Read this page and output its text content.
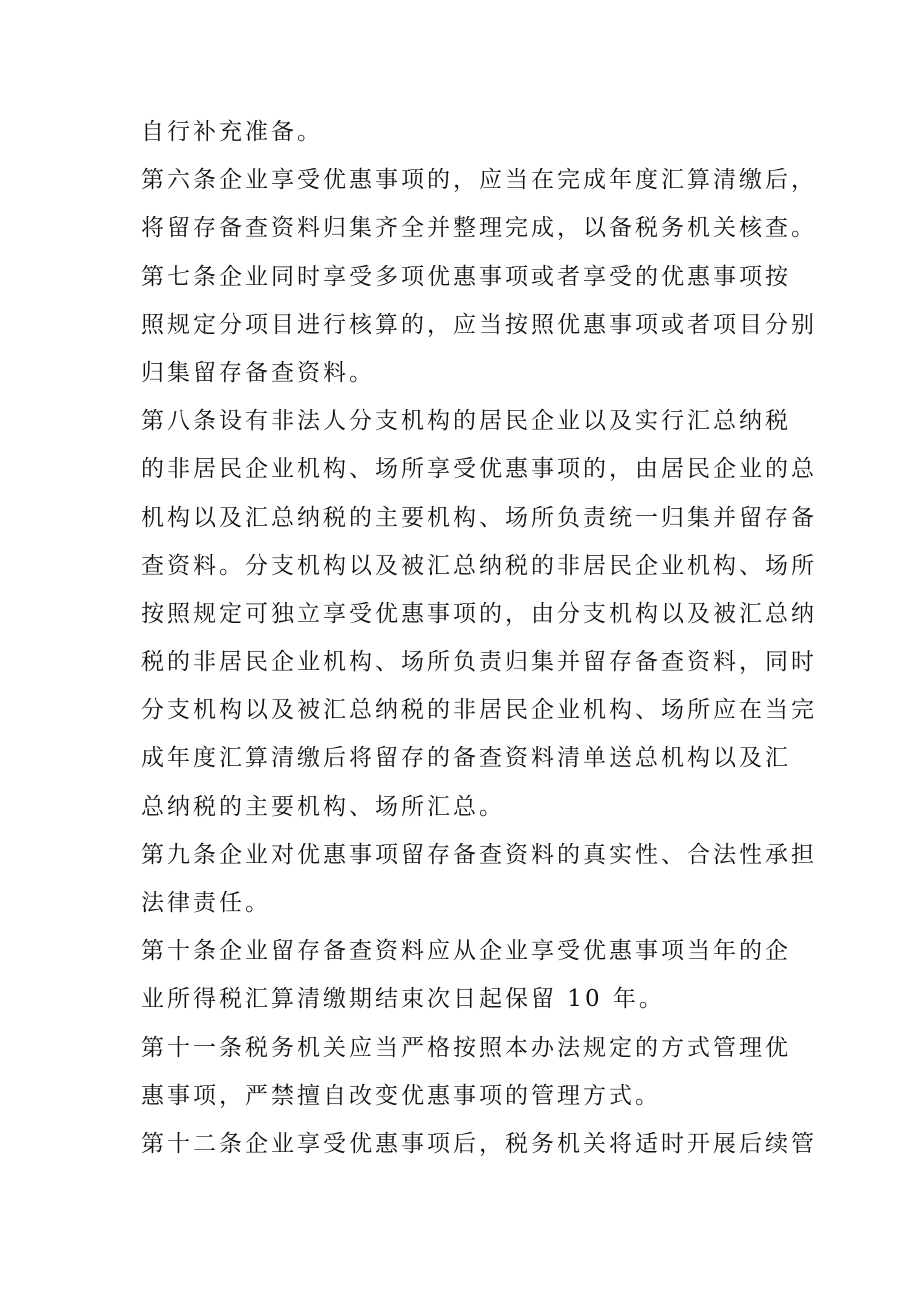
自行补充准备。
第六条企业享受优惠事项的，应当在完成年度汇算清缴后，
将留存备查资料归集齐全并整理完成，以备税务机关核查。
第七条企业同时享受多项优惠事项或者享受的优惠事项按
照规定分项目进行核算的，应当按照优惠事项或者项目分别
归集留存备查资料。
第八条设有非法人分支机构的居民企业以及实行汇总纳税
的非居民企业机构、场所享受优惠事项的，由居民企业的总
机构以及汇总纳税的主要机构、场所负责统一归集并留存备
查资料。分支机构以及被汇总纳税的非居民企业机构、场所
按照规定可独立享受优惠事项的，由分支机构以及被汇总纳
税的非居民企业机构、场所负责归集并留存备查资料，同时
分支机构以及被汇总纳税的非居民企业机构、场所应在当完
成年度汇算清缴后将留存的备查资料清单送总机构以及汇
总纳税的主要机构、场所汇总。
第九条企业对优惠事项留存备查资料的真实性、合法性承担
法律责任。
第十条企业留存备查资料应从企业享受优惠事项当年的企
业所得税汇算清缴期结束次日起保留 10 年。
第十一条税务机关应当严格按照本办法规定的方式管理优
惠事项，严禁擅自改变优惠事项的管理方式。
第十二条企业享受优惠事项后，税务机关将适时开展后续管
